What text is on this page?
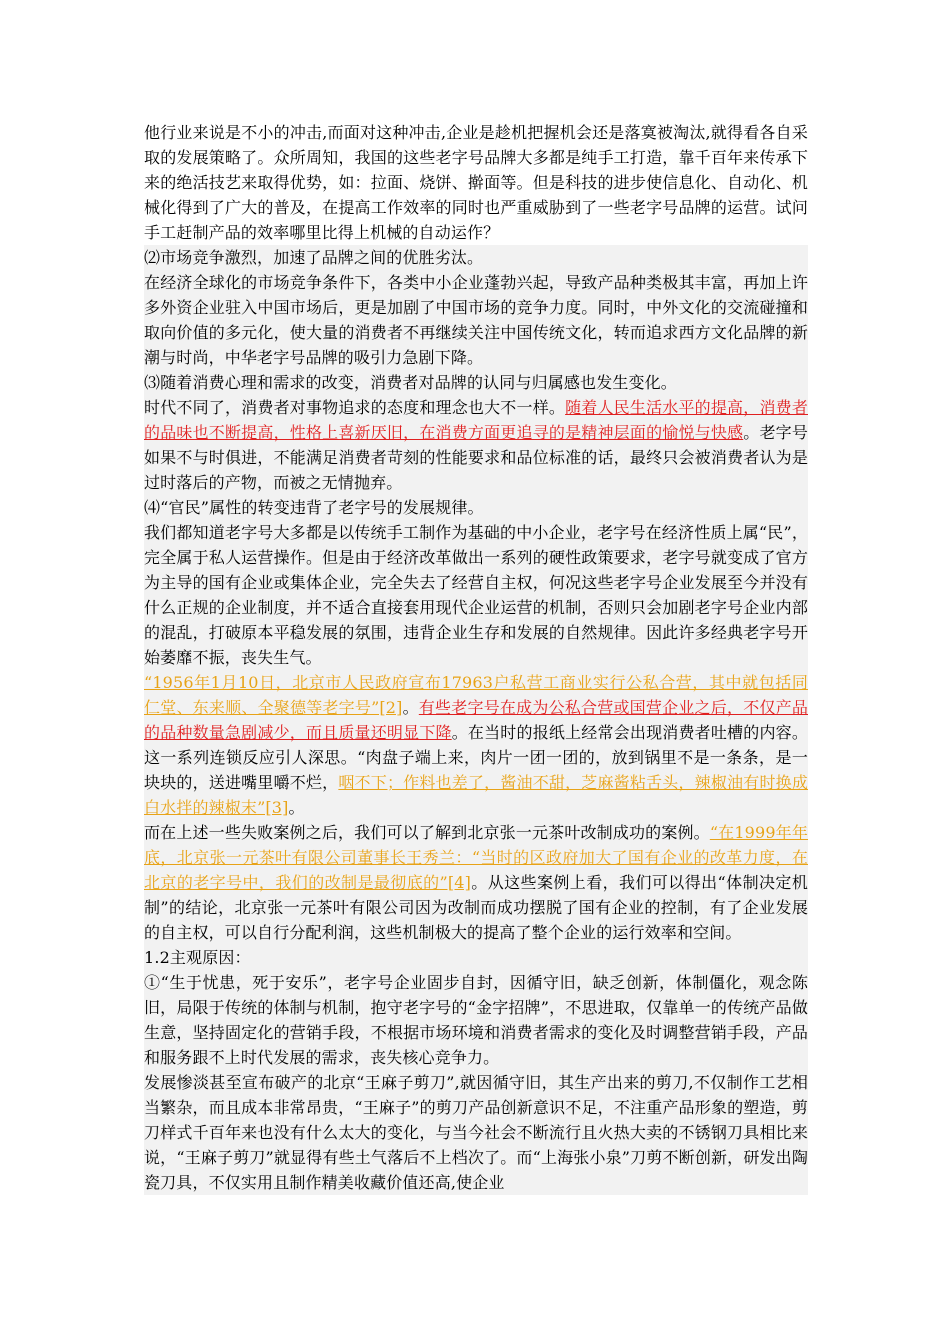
他行业来说是不小的冲击,而面对这种冲击,企业是趁机把握机会还是落寞被淘汰,就得看各自采取的发展策略了。众所周知，我国的这些老字号品牌大多都是纯手工打造，靠千百年来传承下来的绝活技艺来取得优势，如：拉面、烧饼、擀面等。但是科技的进步使信息化、自动化、机械化得到了广大的普及，在提高工作效率的同时也严重威胁到了一些老字号品牌的运营。试问手工赶制产品的效率哪里比得上机械的自动运作？

⑵市场竞争激烈，加速了品牌之间的优胜劣汰。

在经济全球化的市场竞争条件下，各类中小企业蓬勃兴起，导致产品种类极其丰富，再加上许多外资企业驻入中国市场后，更是加剧了中国市场的竞争力度。同时，中外文化的交流碰撞和取向价值的多元化，使大量的消费者不再继续关注中国传统文化，转而追求西方文化品牌的新潮与时尚，中华老字号品牌的吸引力急剧下降。

⑶随着消费心理和需求的改变，消费者对品牌的认同与归属感也发生变化。

时代不同了，消费者对事物追求的态度和理念也大不一样。随着人民生活水平的提高，消费者的品味也不断提高，性格上喜新厌旧，在消费方面更追寻的是精神层面的愉悦与快感。老字号如果不与时俱进，不能满足消费者苛刻的性能要求和品位标准的话，最终只会被消费者认为是过时落后的产物，而被之无情抛弃。

⑷“官民”属性的转变违背了老字号的发展规律。

我们都知道老字号大多都是以传统手工制作为基础的中小企业，老字号在经济性质上属“民”，完全属于私人运营操作。但是由于经济改革做出一系列的硬性政策要求，老字号就变成了官方为主导的国有企业或集体企业，完全失去了经营自主权，何况这些老字号企业发展至今并没有什么正规的企业制度，并不适合直接套用现代企业运营的机制，否则只会加剧老字号企业内部的混乱，打破原本平稳发展的氛围，违背企业生存和发展的自然规律。因此许多经典老字号开始萎靡不振，丧失生气。

“1956年1月10日，北京市人民政府宣布17963户私营工商业实行公私合营，其中就包括同仁堂、东来顺、全聚德等老字号”[2]。有些老字号在成为公私合营或国营企业之后，不仅产品的品种数量急剧减少，而且质量还明显下降。在当时的报纸上经常会出现消费者吐槽的内容。这一系列连锁反应引人深思。“肉盘子端上来，肉片一团一团的，放到锅里不是一条条，是一块块的，送进嘴里嚼不烂，咽不下；作料也差了，酱油不甜，芝麻酱粘舌头，辣椒油有时换成白水拌的辣椒末”[3]。

而在上述一些失败案例之后，我们可以了解到北京张一元茶叶改制成功的案例。“在1999年年底，北京张一元茶叶有限公司董事长王秀兰：“当时的区政府加大了国有企业的改革力度，在北京的老字号中，我们的改制是最彻底的”[4]。从这些案例上看，我们可以得出“体制决定机制”的结论，北京张一元茶叶有限公司因为改制而成功摆脱了国有企业的控制，有了企业发展的自主权，可以自行分配利润，这些机制极大的提高了整个企业的运行效率和空间。

1.2主观原因：

①“生于忧患，死于安乐”，老字号企业固步自封，因循守旧，缺乏创新，体制僵化，观念陈旧，局限于传统的体制与机制，抱守老字号的“金字招牌”，不思进取，仅靠单一的传统产品做生意，坚持固定化的营销手段，不根据市场环境和消费者需求的变化及时调整营销手段，产品和服务跟不上时代发展的需求，丧失核心竞争力。

发展惨淡甚至宣布破产的北京“王麻子剪刀”,就因循守旧，其生产出来的剪刀,不仅制作工艺相当繁杂，而且成本非常昂贵，“王麻子”的剪刀产品创新意识不足，不注重产品形象的塑造，剪刀样式千百年来也没有什么太大的变化，与当今社会不断流行且火热大卖的不锈钢刀具相比来说，“王麻子剪刀”就显得有些土气落后不上档次了。而“上海张小泉”刀剪不断创新，研发出陶瓷刀具，不仅实用且制作精美收藏价值还高,使企业
